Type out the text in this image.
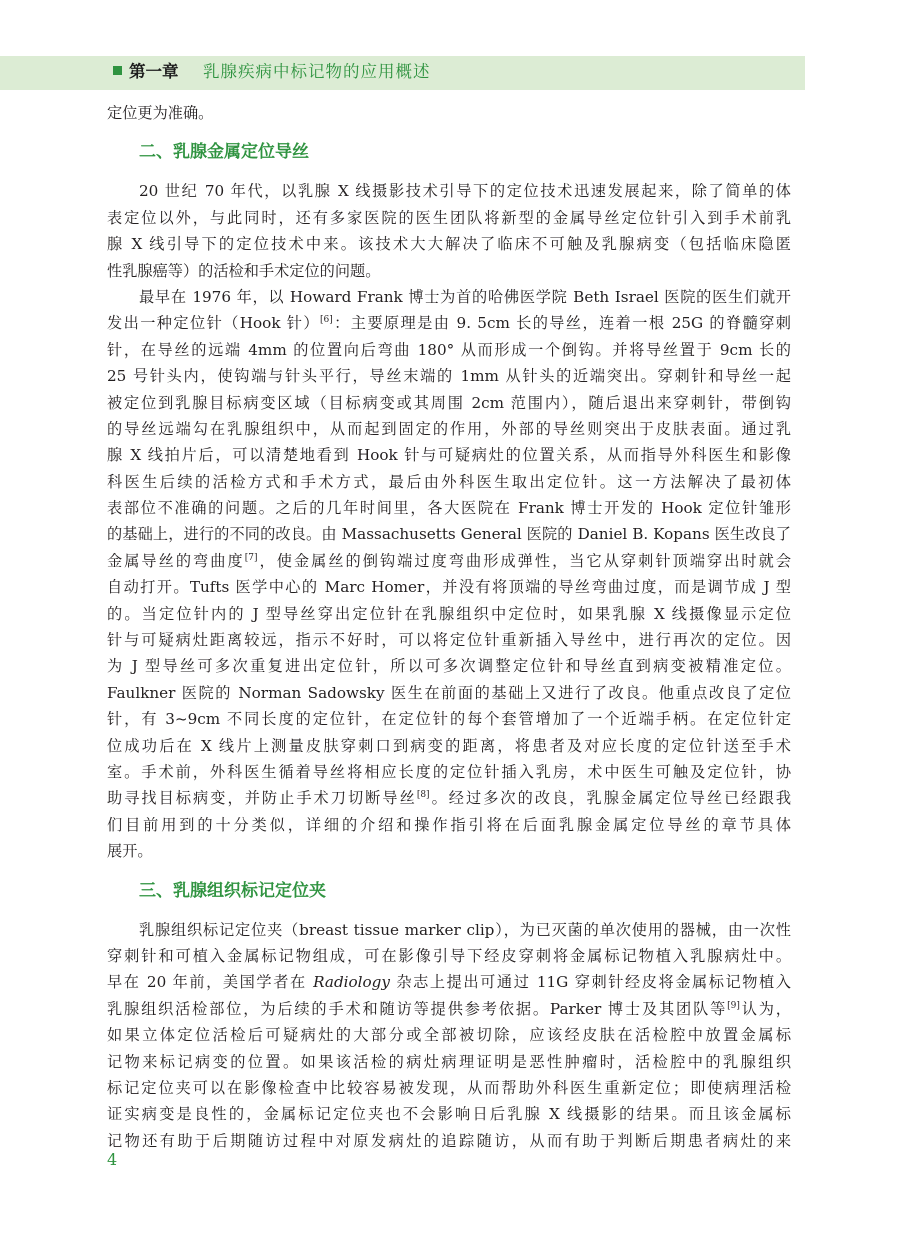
第一章 乳腺疾病中标记物的应用概述
定位更为准确。
二、乳腺金属定位导丝
20 世纪 70 年代，以乳腺 X 线摄影技术引导下的定位技术迅速发展起来，除了简单的体
表定位以外，与此同时，还有多家医院的医生团队将新型的金属导丝定位针引入到手术前乳
腺 X 线引导下的定位技术中来。该技术大大解决了临床不可触及乳腺病变（包括临床隐匿
性乳腺癌等）的活检和手术定位的问题。
最早在 1976 年，以 Howard Frank 博士为首的哈佛医学院 Beth Israel 医院的医生们就开
发出一种定位针（Hook 针）[6]：主要原理是由 9. 5cm 长的导丝，连着一根 25G 的脊髓穿刺
针，在导丝的远端 4mm 的位置向后弯曲 180° 从而形成一个倒钩。并将导丝置于 9cm 长的
25 号针头内，使钩端与针头平行，导丝末端的 1mm 从针头的近端突出。穿刺针和导丝一起
被定位到乳腺目标病变区域（目标病变或其周围 2cm 范围内），随后退出来穿刺针，带倒钩
的导丝远端勾在乳腺组织中，从而起到固定的作用，外部的导丝则突出于皮肤表面。通过乳
腺 X 线拍片后，可以清楚地看到 Hook 针与可疑病灶的位置关系，从而指导外科医生和影像
科医生后续的活检方式和手术方式，最后由外科医生取出定位针。这一方法解决了最初体
表部位不准确的问题。之后的几年时间里，各大医院在 Frank 博士开发的 Hook 定位针雏形
的基础上，进行的不同的改良。由 Massachusetts General 医院的 Daniel B. Kopans 医生改良了
金属导丝的弯曲度[7]，使金属丝的倒钩端过度弯曲形成弹性，当它从穿刺针顶端穿出时就会
自动打开。Tufts 医学中心的 Marc Homer，并没有将顶端的导丝弯曲过度，而是调节成 J 型
的。当定位针内的 J 型导丝穿出定位针在乳腺组织中定位时，如果乳腺 X 线摄像显示定位
针与可疑病灶距离较远，指示不好时，可以将定位针重新插入导丝中，进行再次的定位。因
为 J 型导丝可多次重复进出定位针，所以可多次调整定位针和导丝直到病变被精准定位。
Faulkner 医院的 Norman Sadowsky 医生在前面的基础上又进行了改良。他重点改良了定位
针，有 3~9cm 不同长度的定位针，在定位针的每个套管增加了一个近端手柄。在定位针定
位成功后在 X 线片上测量皮肤穿刺口到病变的距离，将患者及对应长度的定位针送至手术
室。手术前，外科医生循着导丝将相应长度的定位针插入乳房，术中医生可触及定位针，协
助寻找目标病变，并防止手术刀切断导丝[8]。经过多次的改良，乳腺金属定位导丝已经跟我
们目前用到的十分类似，详细的介绍和操作指引将在后面乳腺金属定位导丝的章节具体
展开。
三、乳腺组织标记定位夹
乳腺组织标记定位夹（breast tissue marker clip），为已灭菌的单次使用的器械，由一次性
穿刺针和可植入金属标记物组成，可在影像引导下经皮穿刺将金属标记物植入乳腺病灶中。
早在 20 年前，美国学者在 Radiology 杂志上提出可通过 11G 穿刺针经皮将金属标记物植入
乳腺组织活检部位，为后续的手术和随访等提供参考依据。Parker 博士及其团队等[9]认为，
如果立体定位活检后可疑病灶的大部分或全部被切除，应该经皮肤在活检腔中放置金属标
记物来标记病变的位置。如果该活检的病灶病理证明是恶性肿瘤时，活检腔中的乳腺组织
标记定位夹可以在影像检查中比较容易被发现，从而帮助外科医生重新定位；即使病理活检
证实病变是良性的，金属标记定位夹也不会影响日后乳腺 X 线摄影的结果。而且该金属标
记物还有助于后期随访过程中对原发病灶的追踪随访，从而有助于判断后期患者病灶的来
4
